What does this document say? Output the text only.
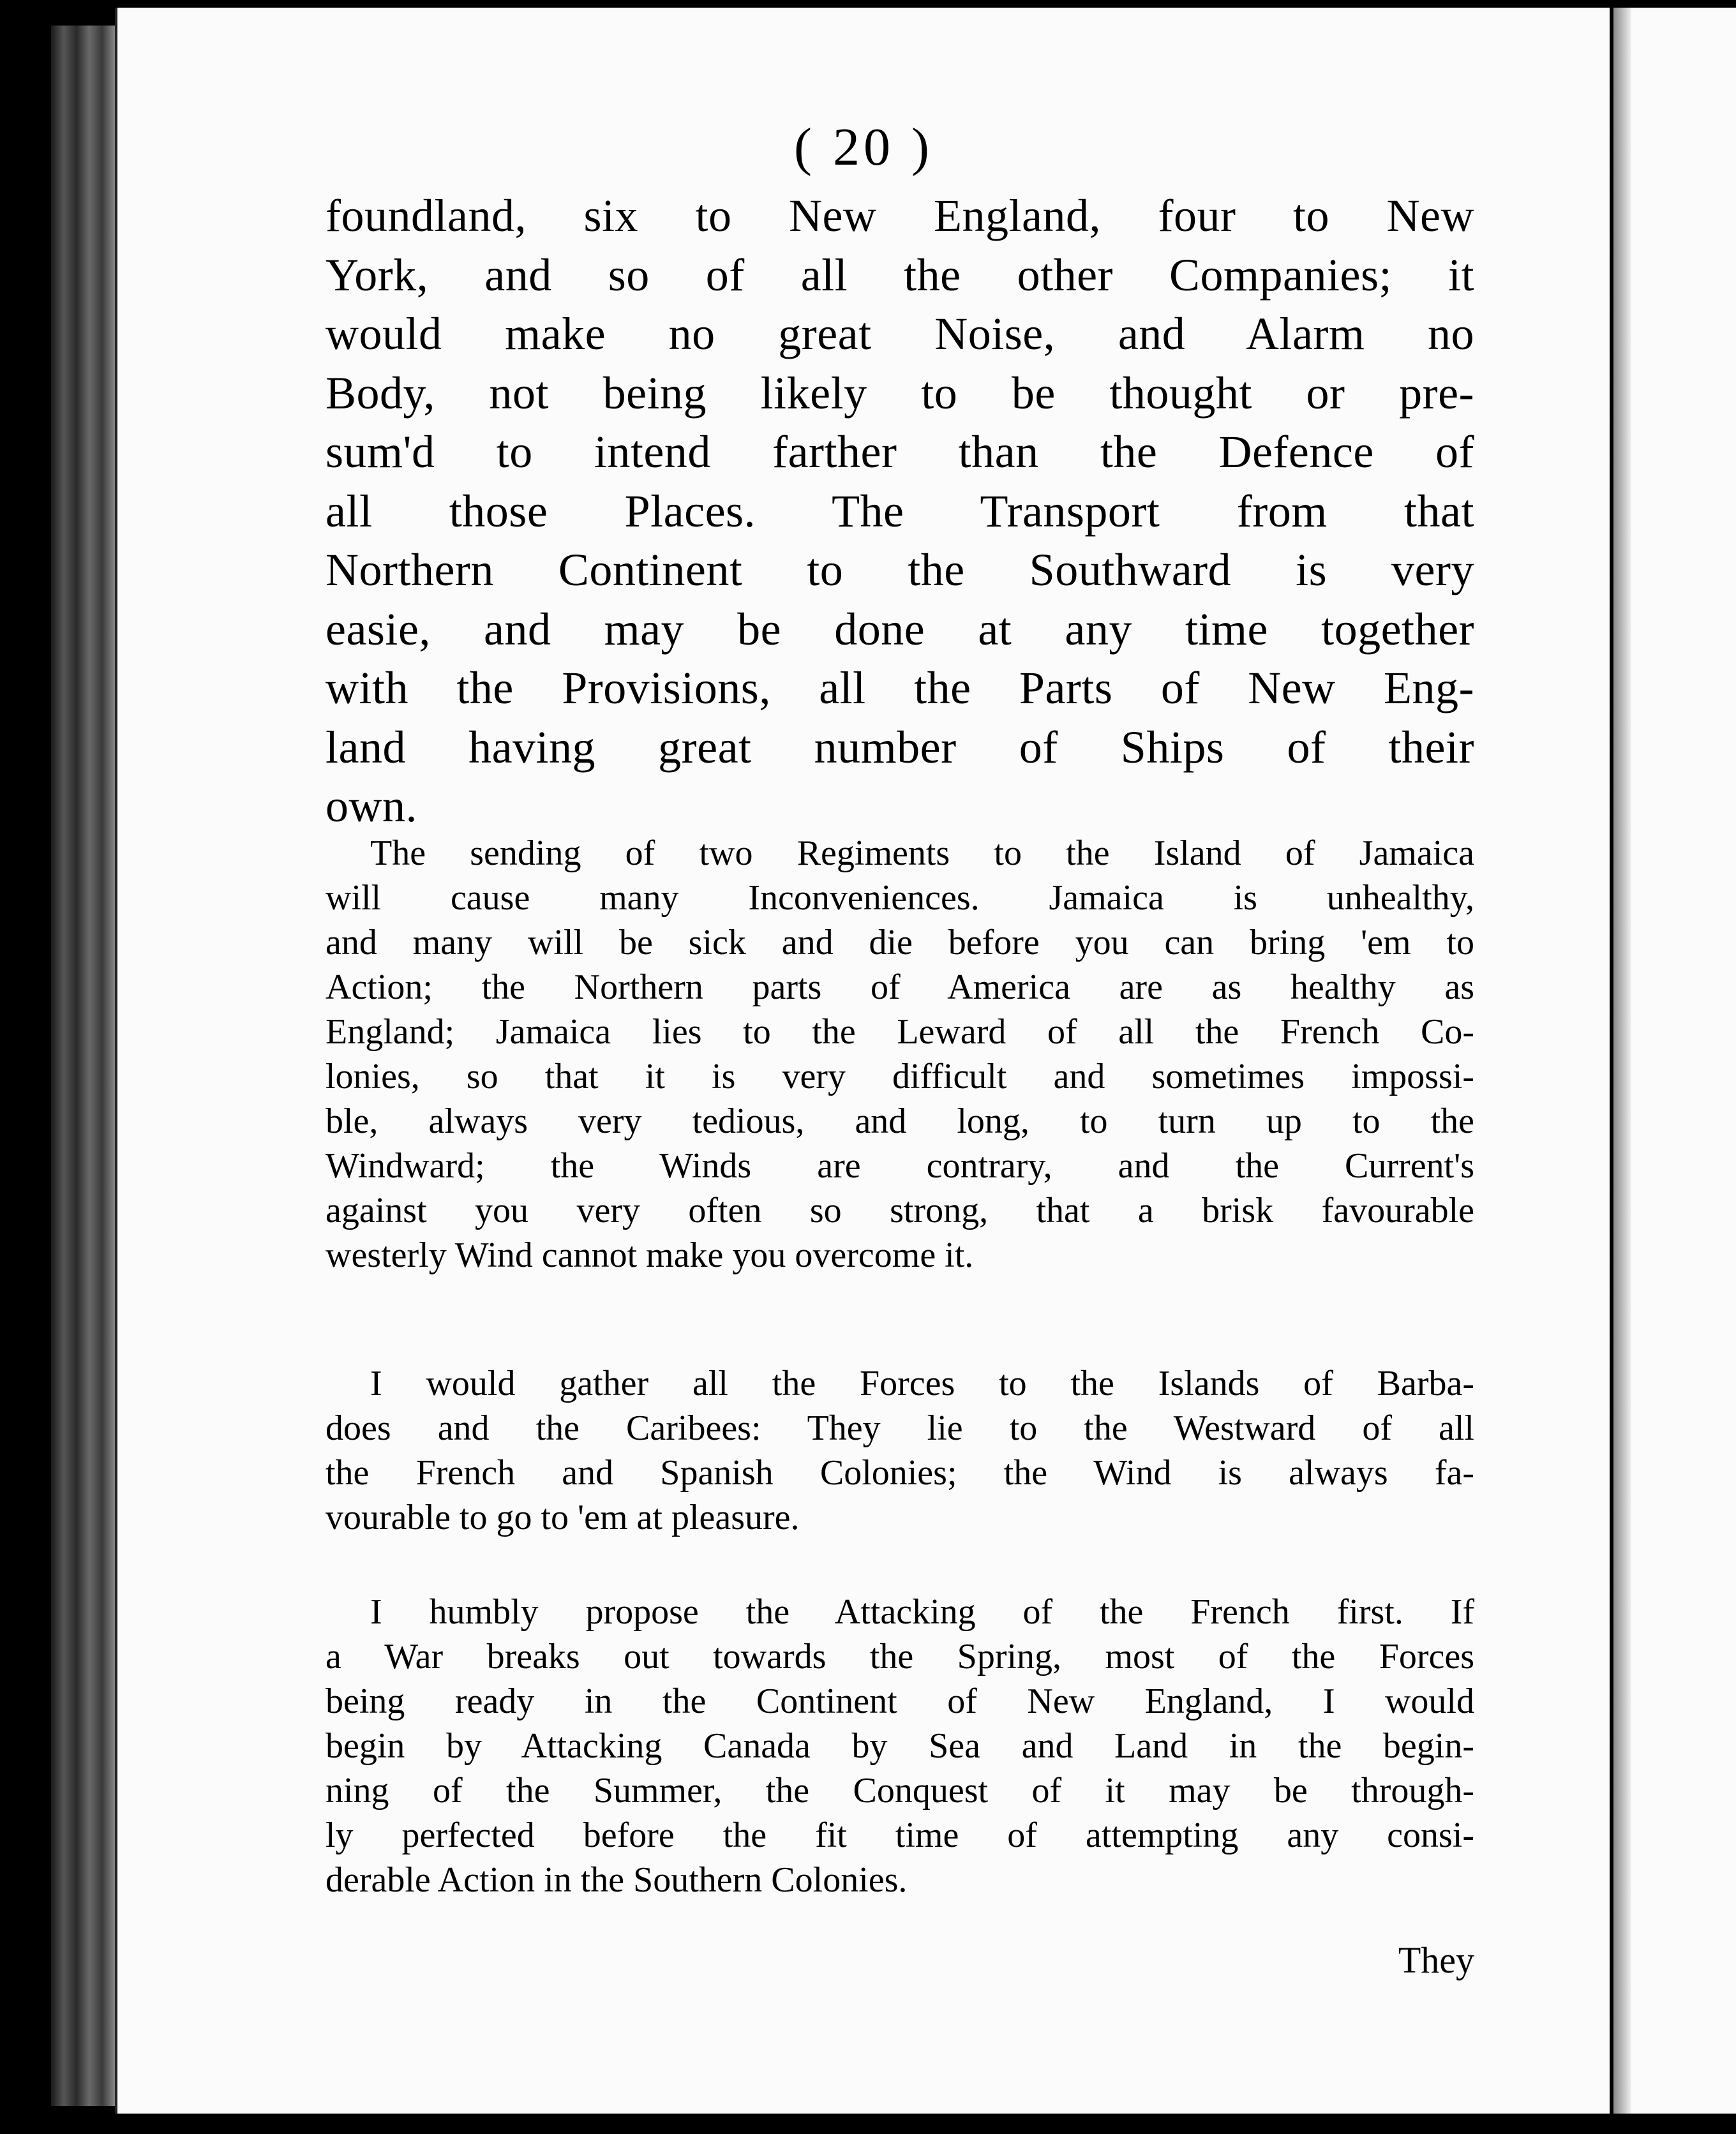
( 20 )
foundland, six to New England, four to New
York, and so of all the other Companies; it
would make no great Noise, and Alarm no
Body, not being likely to be thought or pre-
sum'd to intend farther than the Defence of
all those Places. The Transport from that
Northern Continent to the Southward is very
easie, and may be done at any time together
with the Provisions, all the Parts of New Eng-
land having great number of Ships of their
own.
The sending of two Regiments to the Island of Jamaica
will cause many Inconveniences. Jamaica is unhealthy,
and many will be sick and die before you can bring 'em to
Action; the Northern parts of America are as healthy as
England; Jamaica lies to the Leward of all the French Co-
lonies, so that it is very difficult and sometimes impossi-
ble, always very tedious, and long, to turn up to the
Windward; the Winds are contrary, and the Current's
against you very often so strong, that a brisk favourable
westerly Wind cannot make you overcome it.
I would gather all the Forces to the Islands of Barba-
does and the Caribees: They lie to the Westward of all
the French and Spanish Colonies; the Wind is always fa-
vourable to go to 'em at pleasure.
I humbly propose the Attacking of the French first. If
a War breaks out towards the Spring, most of the Forces
being ready in the Continent of New England, I would
begin by Attacking Canada by Sea and Land in the begin-
ning of the Summer, the Conquest of it may be through-
ly perfected before the fit time of attempting any consi-
derable Action in the Southern Colonies.
They
